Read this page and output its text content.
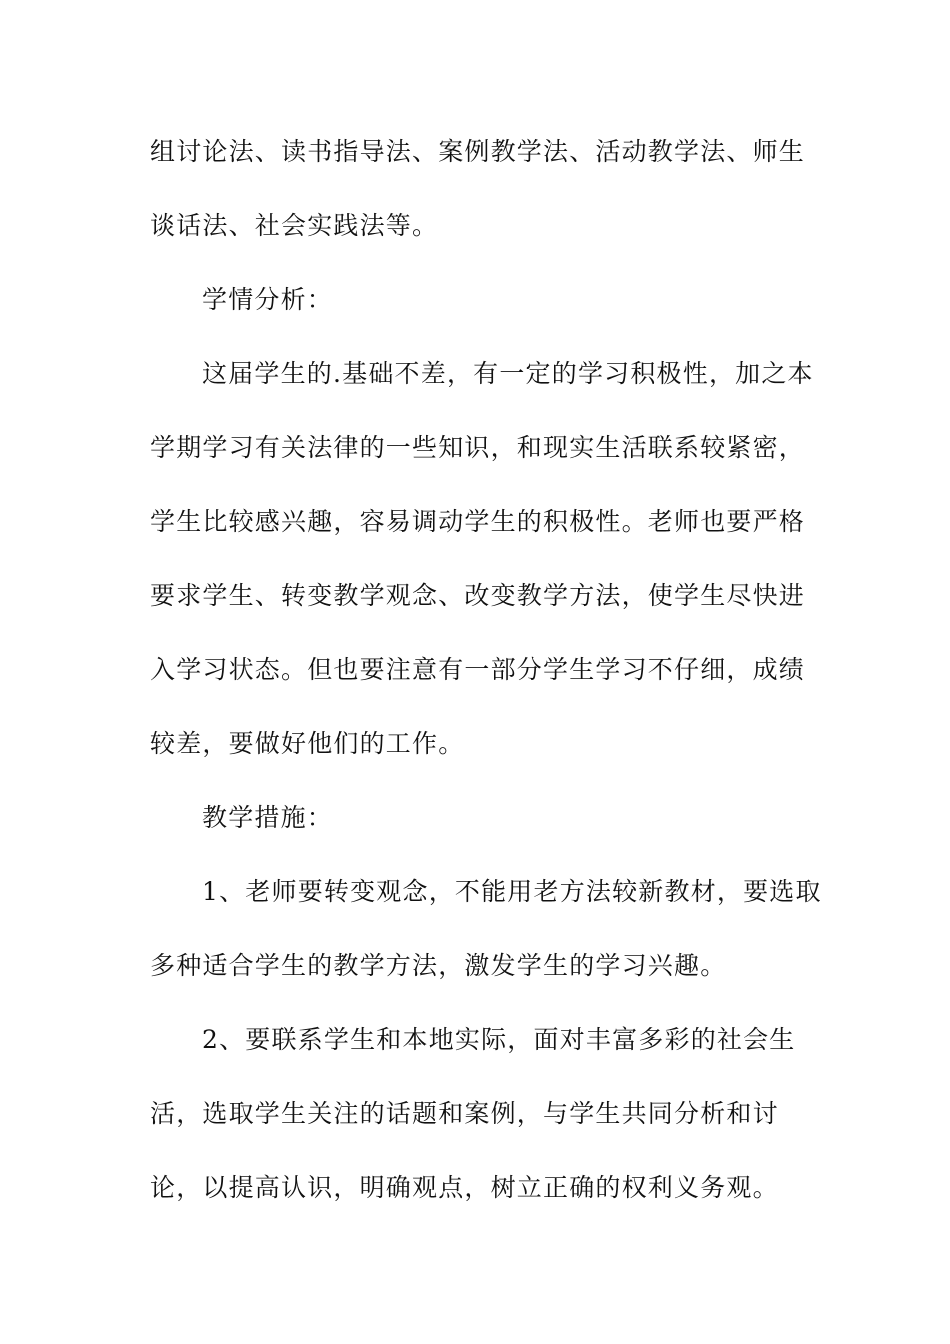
组讨论法、读书指导法、案例教学法、活动教学法、师生
谈话法、社会实践法等。
学情分析：
这届学生的.基础不差，有一定的学习积极性，加之本
学期学习有关法律的一些知识，和现实生活联系较紧密，
学生比较感兴趣，容易调动学生的积极性。老师也要严格
要求学生、转变教学观念、改变教学方法，使学生尽快进
入学习状态。但也要注意有一部分学生学习不仔细，成绩
较差，要做好他们的工作。
教学措施：
1、老师要转变观念，不能用老方法较新教材，要选取
多种适合学生的教学方法，激发学生的学习兴趣。
2、要联系学生和本地实际，面对丰富多彩的社会生
活，选取学生关注的话题和案例，与学生共同分析和讨
论，以提高认识，明确观点，树立正确的权利义务观。
